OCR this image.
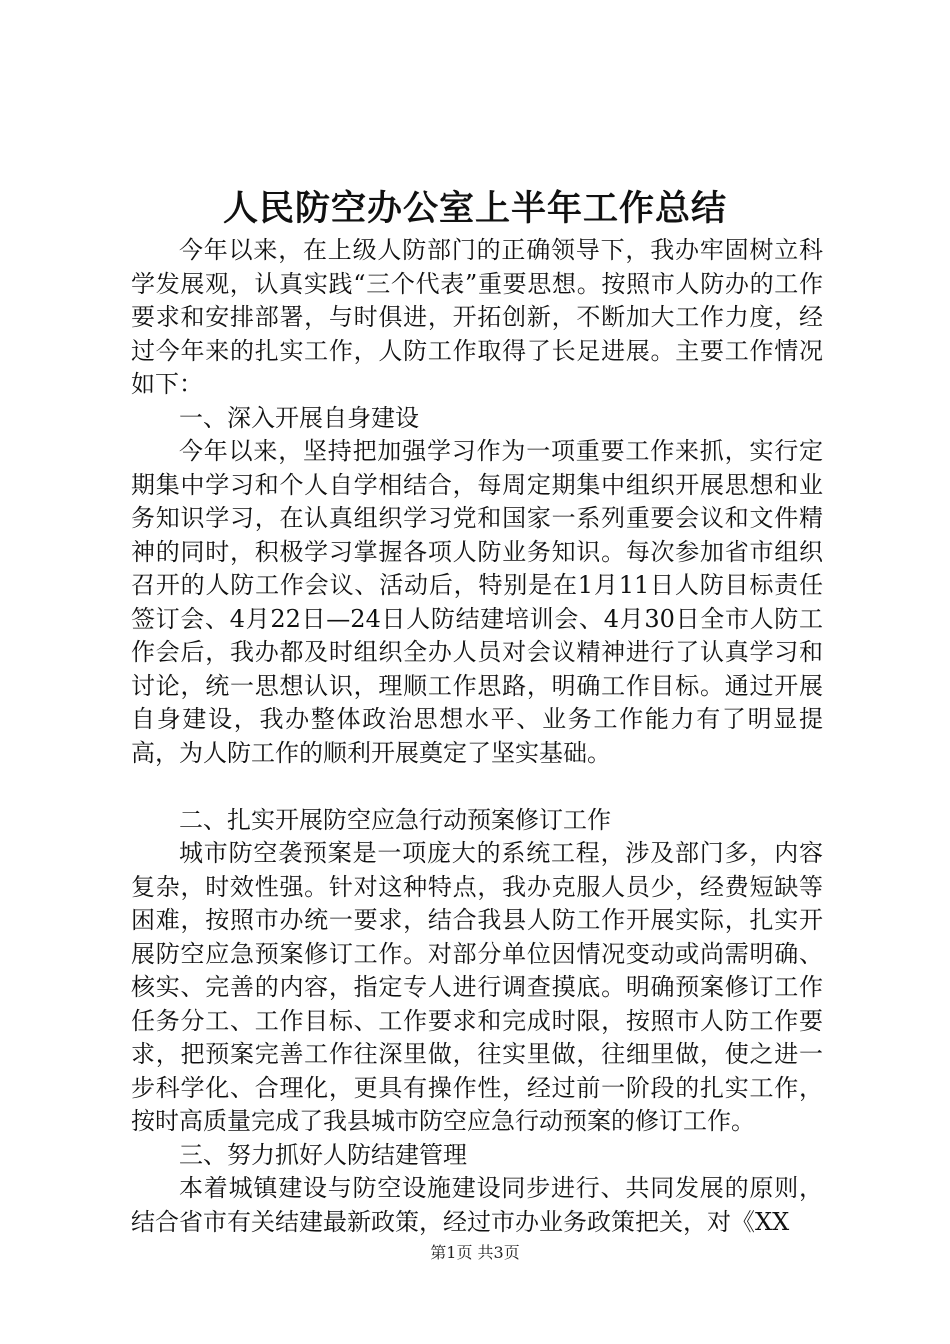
人民防空办公室上半年工作总结

今年以来，在上级人防部门的正确领导下，我办牢固树立科学发展观，认真实践“三个代表”重要思想。按照市人防办的工作要求和安排部署，与时俱进，开拓创新，不断加大工作力度，经过今年来的扎实工作，人防工作取得了长足进展。主要工作情况如下：

一、深入开展自身建设

今年以来，坚持把加强学习作为一项重要工作来抓，实行定期集中学习和个人自学相结合，每周定期集中组织开展思想和业务知识学习，在认真组织学习党和国家一系列重要会议和文件精神的同时，积极学习掌握各项人防业务知识。每次参加省市组织召开的人防工作会议、活动后，特别是在1月11日人防目标责任签订会、4月22日—24日人防结建培训会、4月30日全市人防工作会后，我办都及时组织全办人员对会议精神进行了认真学习和讨论，统一思想认识，理顺工作思路，明确工作目标。通过开展自身建设，我办整体政治思想水平、业务工作能力有了明显提高，为人防工作的顺利开展奠定了坚实基础。

二、扎实开展防空应急行动预案修订工作

城市防空袭预案是一项庞大的系统工程，涉及部门多，内容复杂，时效性强。针对这种特点，我办克服人员少，经费短缺等困难，按照市办统一要求，结合我县人防工作开展实际，扎实开展防空应急预案修订工作。对部分单位因情况变动或尚需明确、核实、完善的内容，指定专人进行调查摸底。明确预案修订工作任务分工、工作目标、工作要求和完成时限，按照市人防工作要求，把预案完善工作往深里做，往实里做，往细里做，使之进一步科学化、合理化，更具有操作性，经过前一阶段的扎实工作，按时高质量完成了我县城市防空应急行动预案的修订工作。

三、努力抓好人防结建管理

本着城镇建设与防空设施建设同步进行、共同发展的原则，结合省市有关结建最新政策，经过市办业务政策把关，对《XX

第1页 共3页
